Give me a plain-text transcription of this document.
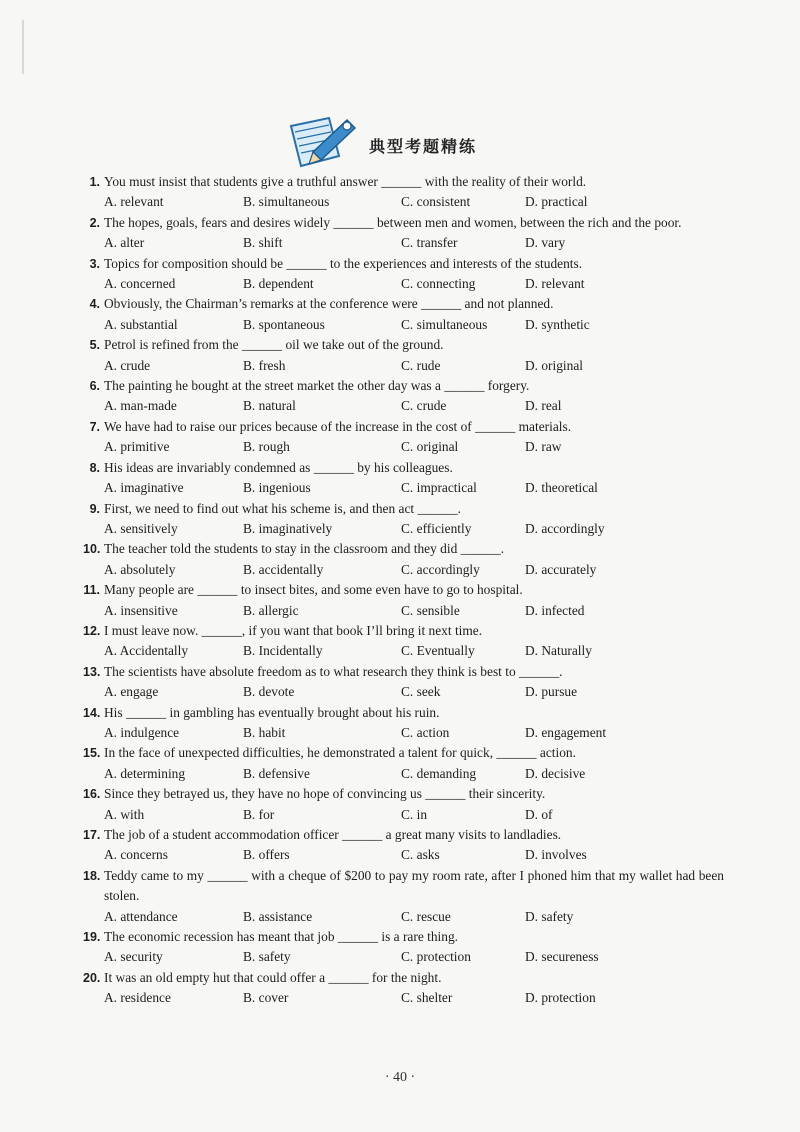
典型考题精练
1. You must insist that students give a truthful answer ______ with the reality of their world.
A. relevant	B. simultaneous	C. consistent	D. practical
2. The hopes, goals, fears and desires widely ______ between men and women, between the rich and the poor.
A. alter	B. shift	C. transfer	D. vary
3. Topics for composition should be ______ to the experiences and interests of the students.
A. concerned	B. dependent	C. connecting	D. relevant
4. Obviously, the Chairman’s remarks at the conference were ______ and not planned.
A. substantial	B. spontaneous	C. simultaneous	D. synthetic
5. Petrol is refined from the ______ oil we take out of the ground.
A. crude	B. fresh	C. rude	D. original
6. The painting he bought at the street market the other day was a ______ forgery.
A. man-made	B. natural	C. crude	D. real
7. We have had to raise our prices because of the increase in the cost of ______ materials.
A. primitive	B. rough	C. original	D. raw
8. His ideas are invariably condemned as ______ by his colleagues.
A. imaginative	B. ingenious	C. impractical	D. theoretical
9. First, we need to find out what his scheme is, and then act ______.
A. sensitively	B. imaginatively	C. efficiently	D. accordingly
10. The teacher told the students to stay in the classroom and they did ______.
A. absolutely	B. accidentally	C. accordingly	D. accurately
11. Many people are ______ to insect bites, and some even have to go to hospital.
A. insensitive	B. allergic	C. sensible	D. infected
12. I must leave now. ______, if you want that book I’ll bring it next time.
A. Accidentally	B. Incidentally	C. Eventually	D. Naturally
13. The scientists have absolute freedom as to what research they think is best to ______.
A. engage	B. devote	C. seek	D. pursue
14. His ______ in gambling has eventually brought about his ruin.
A. indulgence	B. habit	C. action	D. engagement
15. In the face of unexpected difficulties, he demonstrated a talent for quick, ______ action.
A. determining	B. defensive	C. demanding	D. decisive
16. Since they betrayed us, they have no hope of convincing us ______ their sincerity.
A. with	B. for	C. in	D. of
17. The job of a student accommodation officer ______ a great many visits to landladies.
A. concerns	B. offers	C. asks	D. involves
18. Teddy came to my ______ with a cheque of $200 to pay my room rate, after I phoned him that my wallet had been stolen.
A. attendance	B. assistance	C. rescue	D. safety
19. The economic recession has meant that job ______ is a rare thing.
A. security	B. safety	C. protection	D. secureness
20. It was an old empty hut that could offer a ______ for the night.
A. residence	B. cover	C. shelter	D. protection
· 40 ·
